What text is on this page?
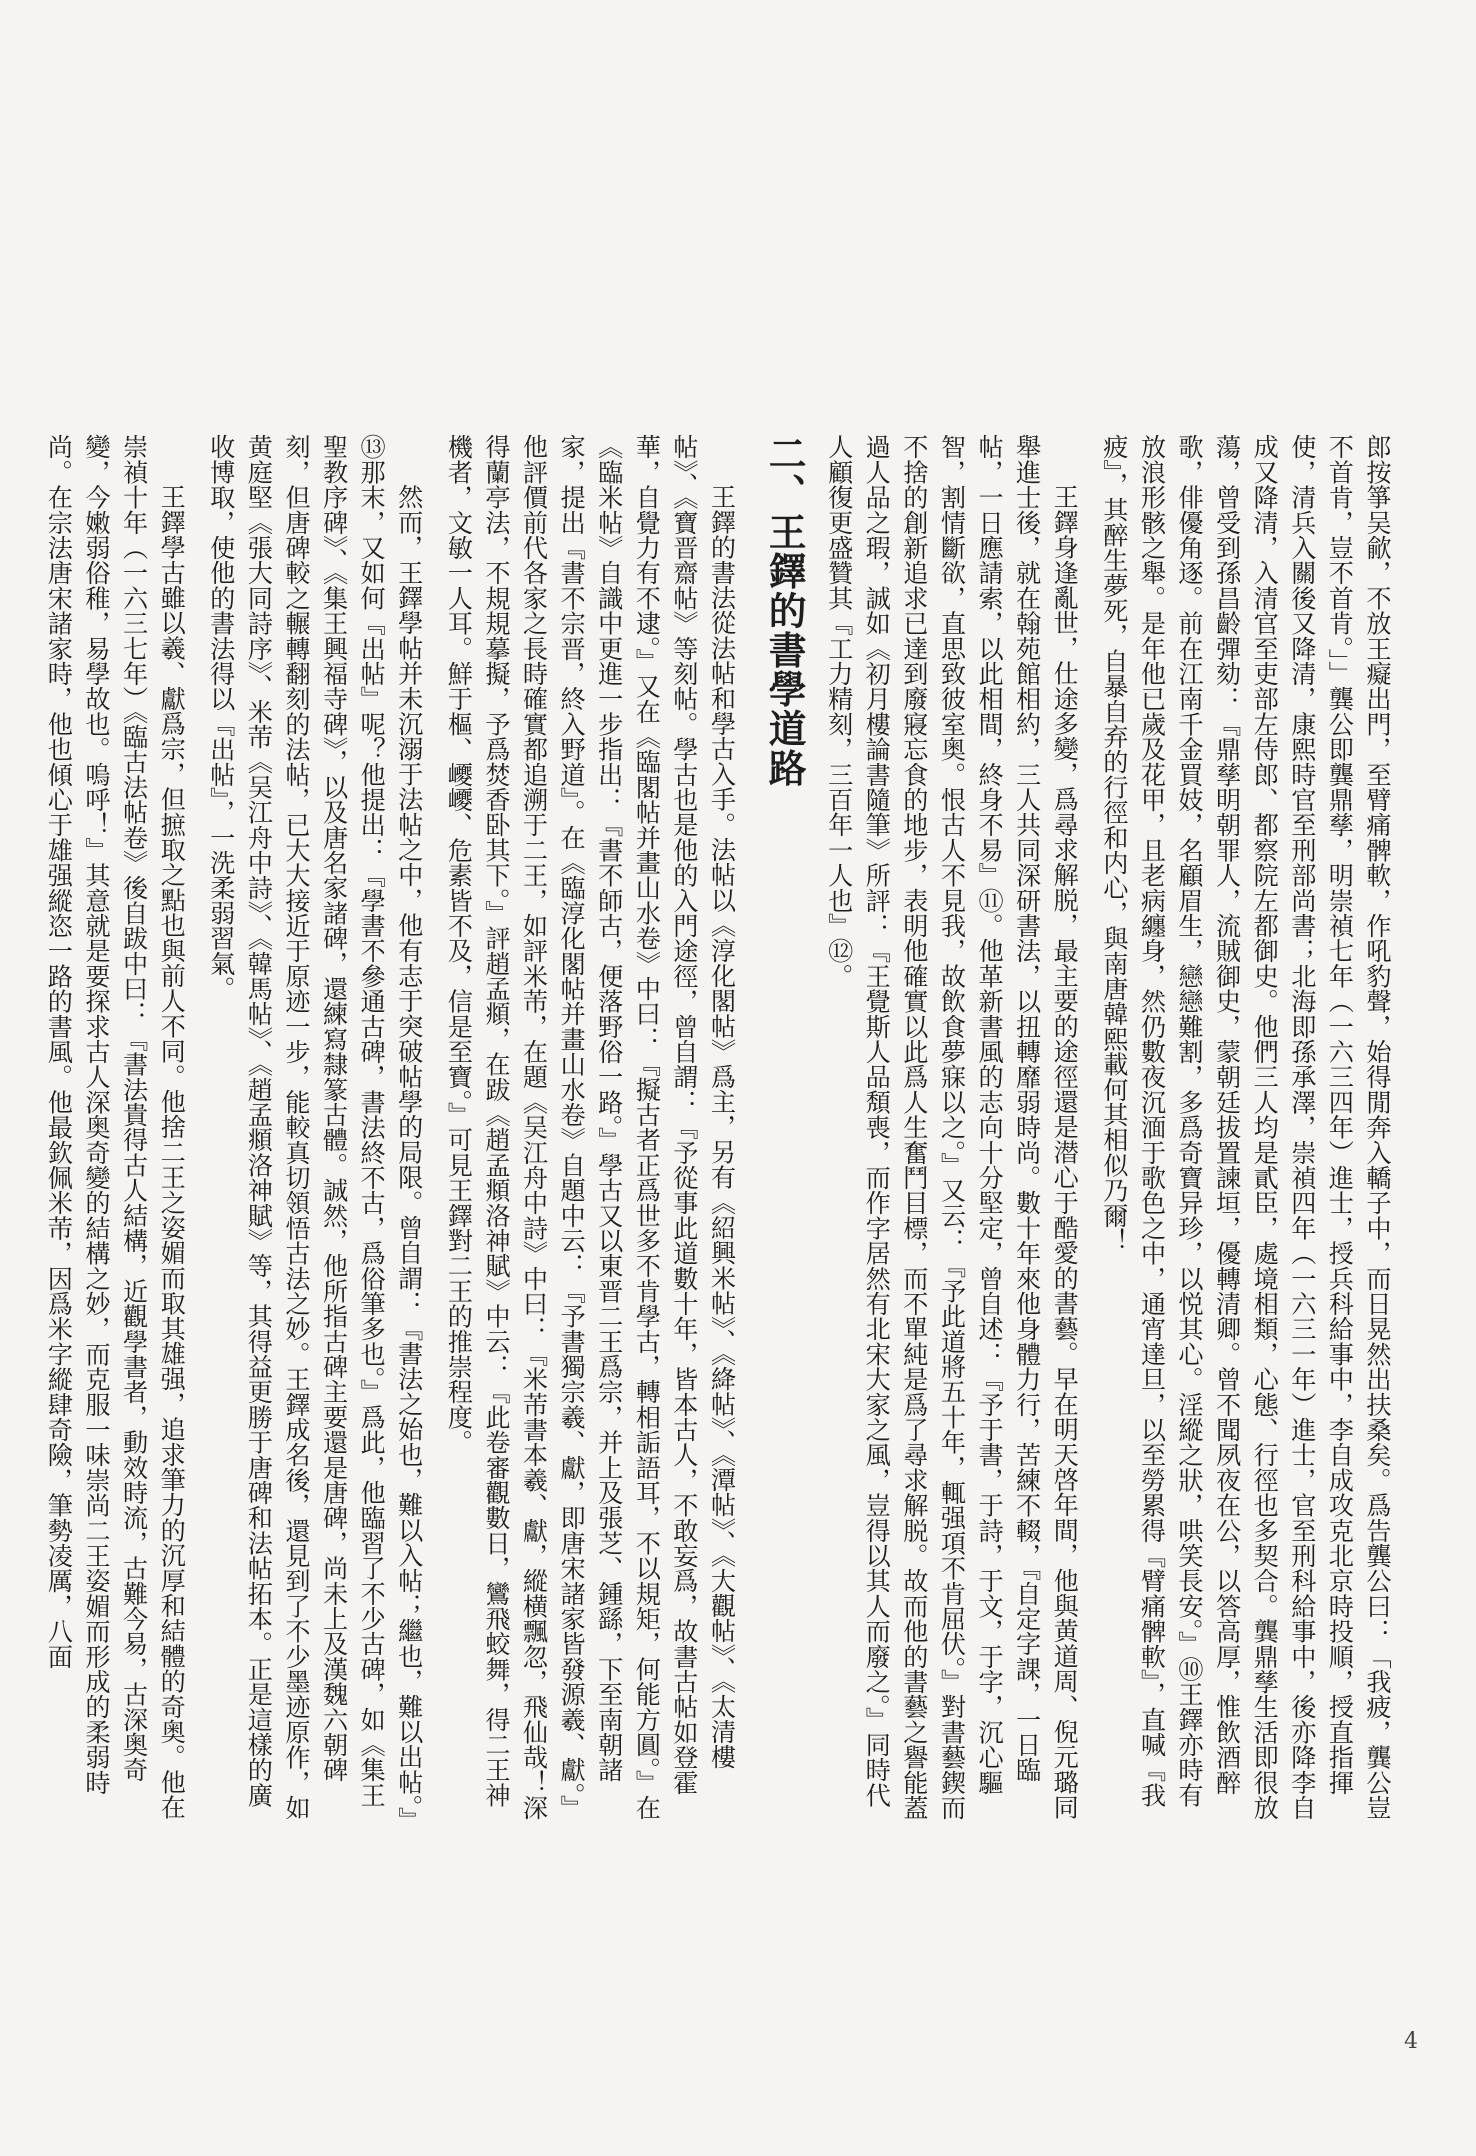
郎按箏吴歈，不放王癡出門，至臂痛髀軟，作吼豹聲，始得閒奔入轎子中，而日晃然出扶桑矣。爲告龔公曰：「我疲，龔公豈不首肯，豈不首肯。」」龔公即龔鼎孳，明崇禎七年（一六三四年）進士，授兵科給事中，李自成攻克北京時投順，授直指揮使，清兵入關後又降清，康熙時官至刑部尚書；北海即孫承澤，崇禎四年（一六三一年）進士，官至刑科給事中，後亦降李自成又降清，入清官至吏部左侍郎、都察院左都御史。他們三人均是貳臣，處境相類，心態、行徑也多契合。龔鼎孳生活即很放蕩，曾受到孫昌齡彈劾：『鼎孳明朝罪人，流賊御史，蒙朝廷拔置諫垣，優轉清卿。曾不聞夙夜在公，以答高厚，惟飲酒醉歌，俳優角逐。前在江南千金買妓，名顧眉生，戀戀難割，多爲奇寶异珍，以悦其心。淫縱之狀，哄笑長安。』⑩王鐸亦時有放浪形骸之舉。是年他已歲及花甲，且老病纏身，然仍數夜沉湎于歌色之中，通宵達旦，以至勞累得『臂痛髀軟』，直喊『我疲』，其醉生夢死，自暴自弃的行徑和内心，與南唐韓熙載何其相似乃爾！

王鐸身逢亂世，仕途多變，爲尋求解脱，最主要的途徑還是潜心于酷愛的書藝。早在明天啓年間，他與黄道周、倪元璐同舉進士後，就在翰苑館相約，三人共同深研書法，以扭轉靡弱時尚。數十年來他身體力行，苦練不輟，『自定字課，一日臨帖，一日應請索，以此相間，終身不易』⑪。他革新書風的志向十分堅定，曾自述：『予于書，于詩，于文，于字，沉心驅智，割情斷欲，直思致彼室奥。恨古人不見我，故飲食夢寐以之。』又云：『予此道將五十年，輒强項不肯屈伏。』對書藝鍥而不捨的創新追求已達到廢寢忘食的地步，表明他確實以此爲人生奮鬥目標，而不單純是爲了尋求解脱。故而他的書藝之譽能蓋過人品之瑕，誠如《初月樓論書隨筆》所評：『王覺斯人品頽喪，而作字居然有北宋大家之風，豈得以其人而廢之。』同時代人顧復更盛贊其『工力精刻，三百年一人也』⑫。

二、王鐸的書學道路

王鐸的書法從法帖和學古入手。法帖以《淳化閣帖》爲主，另有《紹興米帖》、《絳帖》、《潭帖》、《大觀帖》、《太清樓帖》、《寶晋齋帖》等刻帖。學古也是他的入門途徑，曾自謂：『予從事此道數十年，皆本古人，不敢妄爲，故書古帖如登霍華，自覺力有不逮。』又在《臨閣帖并畫山水卷》中曰：『擬古者正爲世多不肯學古，轉相詬語耳，不以規矩，何能方圓。』在《臨米帖》自識中更進一步指出：『書不師古，便落野俗一路。』學古又以東晋二王爲宗，并上及張芝、鍾繇，下至南朝諸家，提出『書不宗晋，終入野道』。在《臨淳化閣帖并畫山水卷》自題中云：『予書獨宗羲、獻，即唐宋諸家皆發源羲、獻。』他評價前代各家之長時確實都追溯于二王，如評米芾，在題《吴江舟中詩》中曰：『米芾書本羲、獻，縱横飄忽，飛仙哉！深得蘭亭法，不規規摹擬，予爲焚香卧其下。』評趙孟頫，在跋《趙孟頫洛神賦》中云：『此卷審觀數日，鸞飛蛟舞，得二王神機者，文敏一人耳。鮮于樞、巎巎、危素皆不及，信是至寶。』可見王鐸對二王的推崇程度。

然而，王鐸學帖并未沉溺于法帖之中，他有志于突破帖學的局限。曾自謂：『書法之始也，難以入帖；繼也，難以出帖。』⑬那末，又如何『出帖』呢？他提出：『學書不參通古碑，書法終不古，爲俗筆多也。』爲此，他臨習了不少古碑，如《集王聖教序碑》、《集王興福寺碑》，以及唐名家諸碑，還練寫隸篆古體。誠然，他所指古碑主要還是唐碑，尚未上及漢魏六朝碑刻，但唐碑較之輾轉翻刻的法帖，已大大接近于原迹一步，能較真切領悟古法之妙。王鐸成名後，還見到了不少墨迹原作，如黄庭堅《張大同詩序》、米芾《吴江舟中詩》、《韓馬帖》、《趙孟頫洛神賦》等，其得益更勝于唐碑和法帖拓本。正是這樣的廣收博取，使他的書法得以『出帖』，一洗柔弱習氣。

王鐸學古雖以羲、獻爲宗，但摭取之點也與前人不同。他捨二王之姿媚而取其雄强，追求筆力的沉厚和結體的奇奥。他在崇禎十年（一六三七年）《臨古法帖卷》後自跋中曰：『書法貴得古人結構，近觀學書者，動效時流，古難今易，古深奥奇變，今嫩弱俗稚，易學故也。嗚呼！』其意就是要探求古人深奥奇變的結構之妙，而克服一味崇尚二王姿媚而形成的柔弱時尚。在宗法唐宋諸家時，他也傾心于雄强縱恣一路的書風。他最欽佩米芾，因爲米字縱肆奇險，筆勢凌厲，八面

4
